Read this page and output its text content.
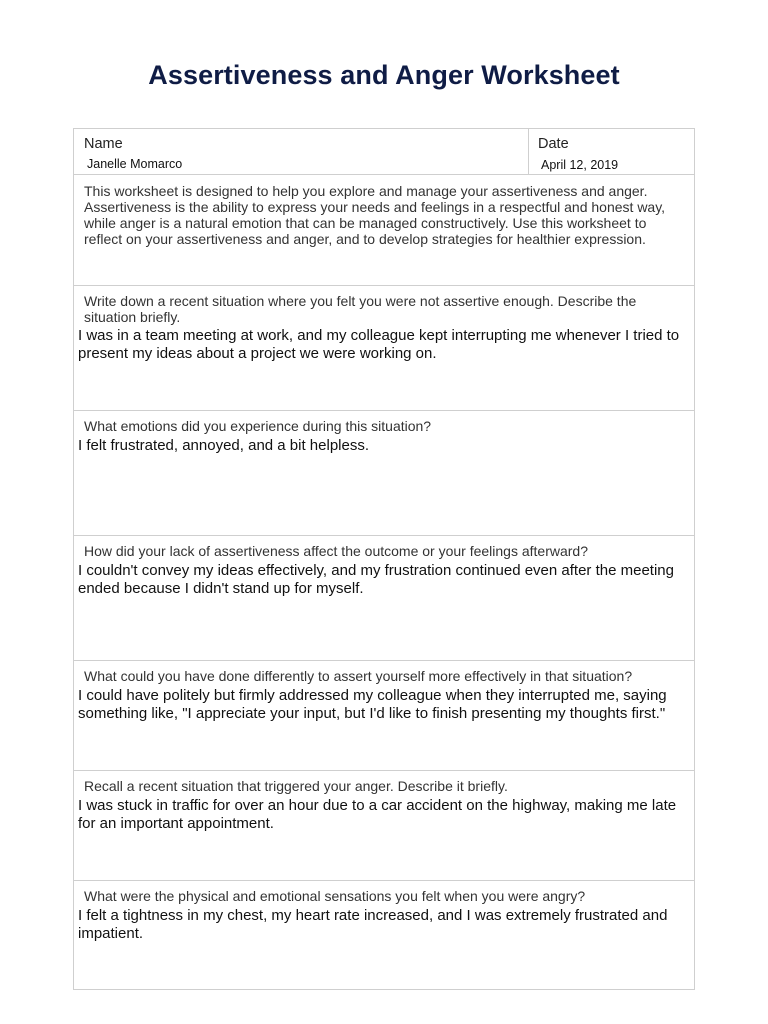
Assertiveness and Anger Worksheet
Name
Janelle Momarco
Date
April 12, 2019
This worksheet is designed to help you explore and manage your assertiveness and anger. Assertiveness is the ability to express your needs and feelings in a respectful and honest way, while anger is a natural emotion that can be managed constructively. Use this worksheet to reflect on your assertiveness and anger, and to develop strategies for healthier expression.
Write down a recent situation where you felt you were not assertive enough. Describe the situation briefly.
I was in a team meeting at work, and my colleague kept interrupting me whenever I tried to present my ideas about a project we were working on.
What emotions did you experience during this situation?
I felt frustrated, annoyed, and a bit helpless.
How did your lack of assertiveness affect the outcome or your feelings afterward?
I couldn't convey my ideas effectively, and my frustration continued even after the meeting ended because I didn't stand up for myself.
What could you have done differently to assert yourself more effectively in that situation?
I could have politely but firmly addressed my colleague when they interrupted me, saying something like, "I appreciate your input, but I'd like to finish presenting my thoughts first."
Recall a recent situation that triggered your anger. Describe it briefly.
I was stuck in traffic for over an hour due to a car accident on the highway, making me late for an important appointment.
What were the physical and emotional sensations you felt when you were angry?
I felt a tightness in my chest, my heart rate increased, and I was extremely frustrated and impatient.
